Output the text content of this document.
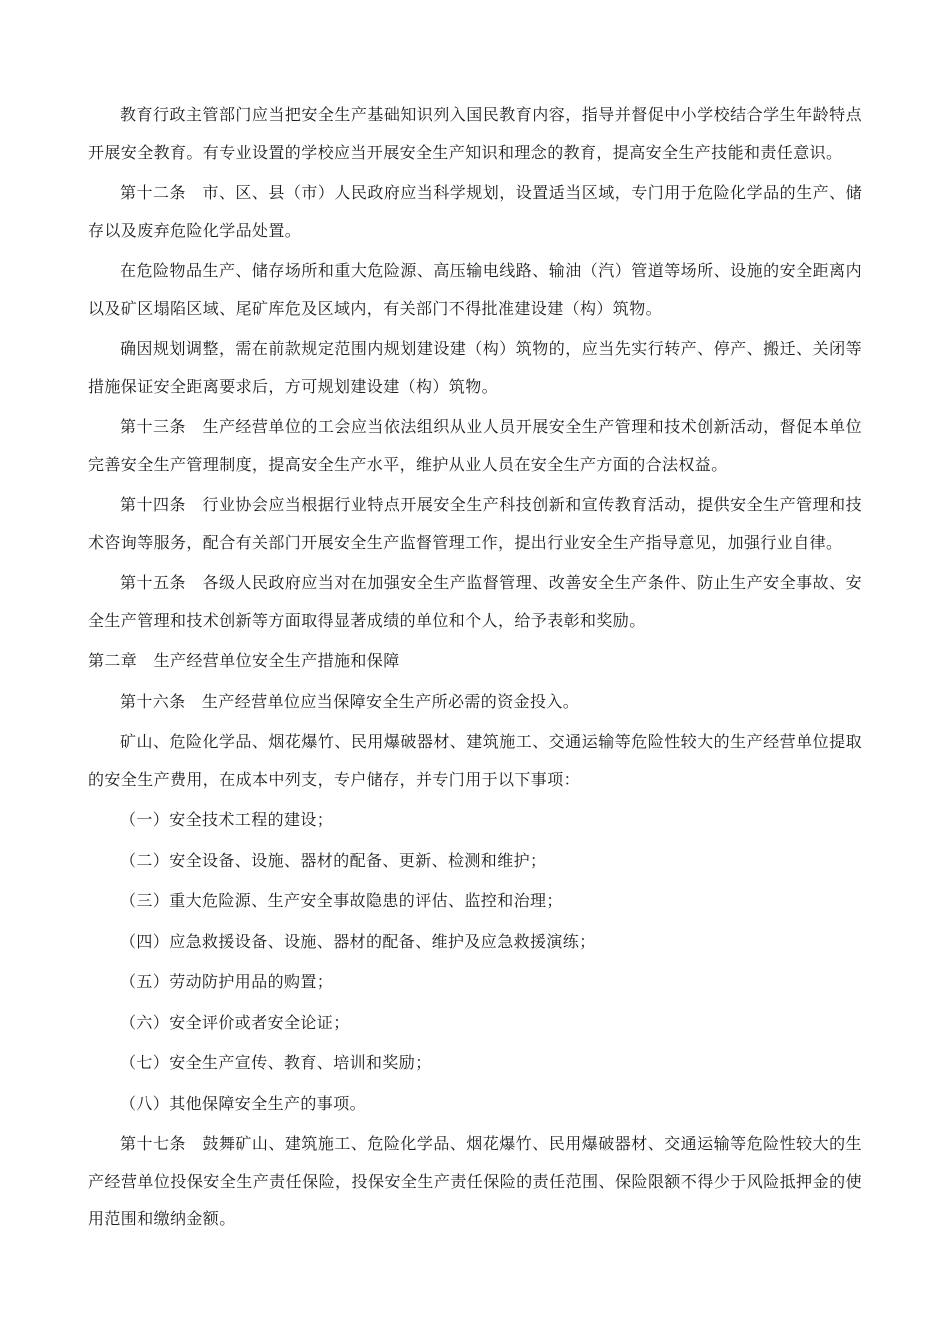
教育行政主管部门应当把安全生产基础知识列入国民教育内容，指导并督促中小学校结合学生年龄特点开展安全教育。有专业设置的学校应当开展安全生产知识和理念的教育，提高安全生产技能和责任意识。

第十二条　市、区、县（市）人民政府应当科学规划，设置适当区域，专门用于危险化学品的生产、储存以及废弃危险化学品处置。

在危险物品生产、储存场所和重大危险源、高压输电线路、输油（汽）管道等场所、设施的安全距离内以及矿区塌陷区域、尾矿库危及区域内，有关部门不得批准建设建（构）筑物。

确因规划调整，需在前款规定范围内规划建设建（构）筑物的，应当先实行转产、停产、搬迁、关闭等措施保证安全距离要求后，方可规划建设建（构）筑物。

第十三条　生产经营单位的工会应当依法组织从业人员开展安全生产管理和技术创新活动，督促本单位完善安全生产管理制度，提高安全生产水平，维护从业人员在安全生产方面的合法权益。

第十四条　行业协会应当根据行业特点开展安全生产科技创新和宣传教育活动，提供安全生产管理和技术咨询等服务，配合有关部门开展安全生产监督管理工作，提出行业安全生产指导意见，加强行业自律。

第十五条　各级人民政府应当对在加强安全生产监督管理、改善安全生产条件、防止生产安全事故、安全生产管理和技术创新等方面取得显著成绩的单位和个人，给予表彰和奖励。

第二章　生产经营单位安全生产措施和保障

第十六条　生产经营单位应当保障安全生产所必需的资金投入。

矿山、危险化学品、烟花爆竹、民用爆破器材、建筑施工、交通运输等危险性较大的生产经营单位提取的安全生产费用，在成本中列支，专户储存，并专门用于以下事项：

（一）安全技术工程的建设；

（二）安全设备、设施、器材的配备、更新、检测和维护；

（三）重大危险源、生产安全事故隐患的评估、监控和治理；

（四）应急救援设备、设施、器材的配备、维护及应急救援演练；

（五）劳动防护用品的购置；

（六）安全评价或者安全论证；

（七）安全生产宣传、教育、培训和奖励；

（八）其他保障安全生产的事项。

第十七条　鼓舞矿山、建筑施工、危险化学品、烟花爆竹、民用爆破器材、交通运输等危险性较大的生产经营单位投保安全生产责任保险，投保安全生产责任保险的责任范围、保险限额不得少于风险抵押金的使用范围和缴纳金额。
